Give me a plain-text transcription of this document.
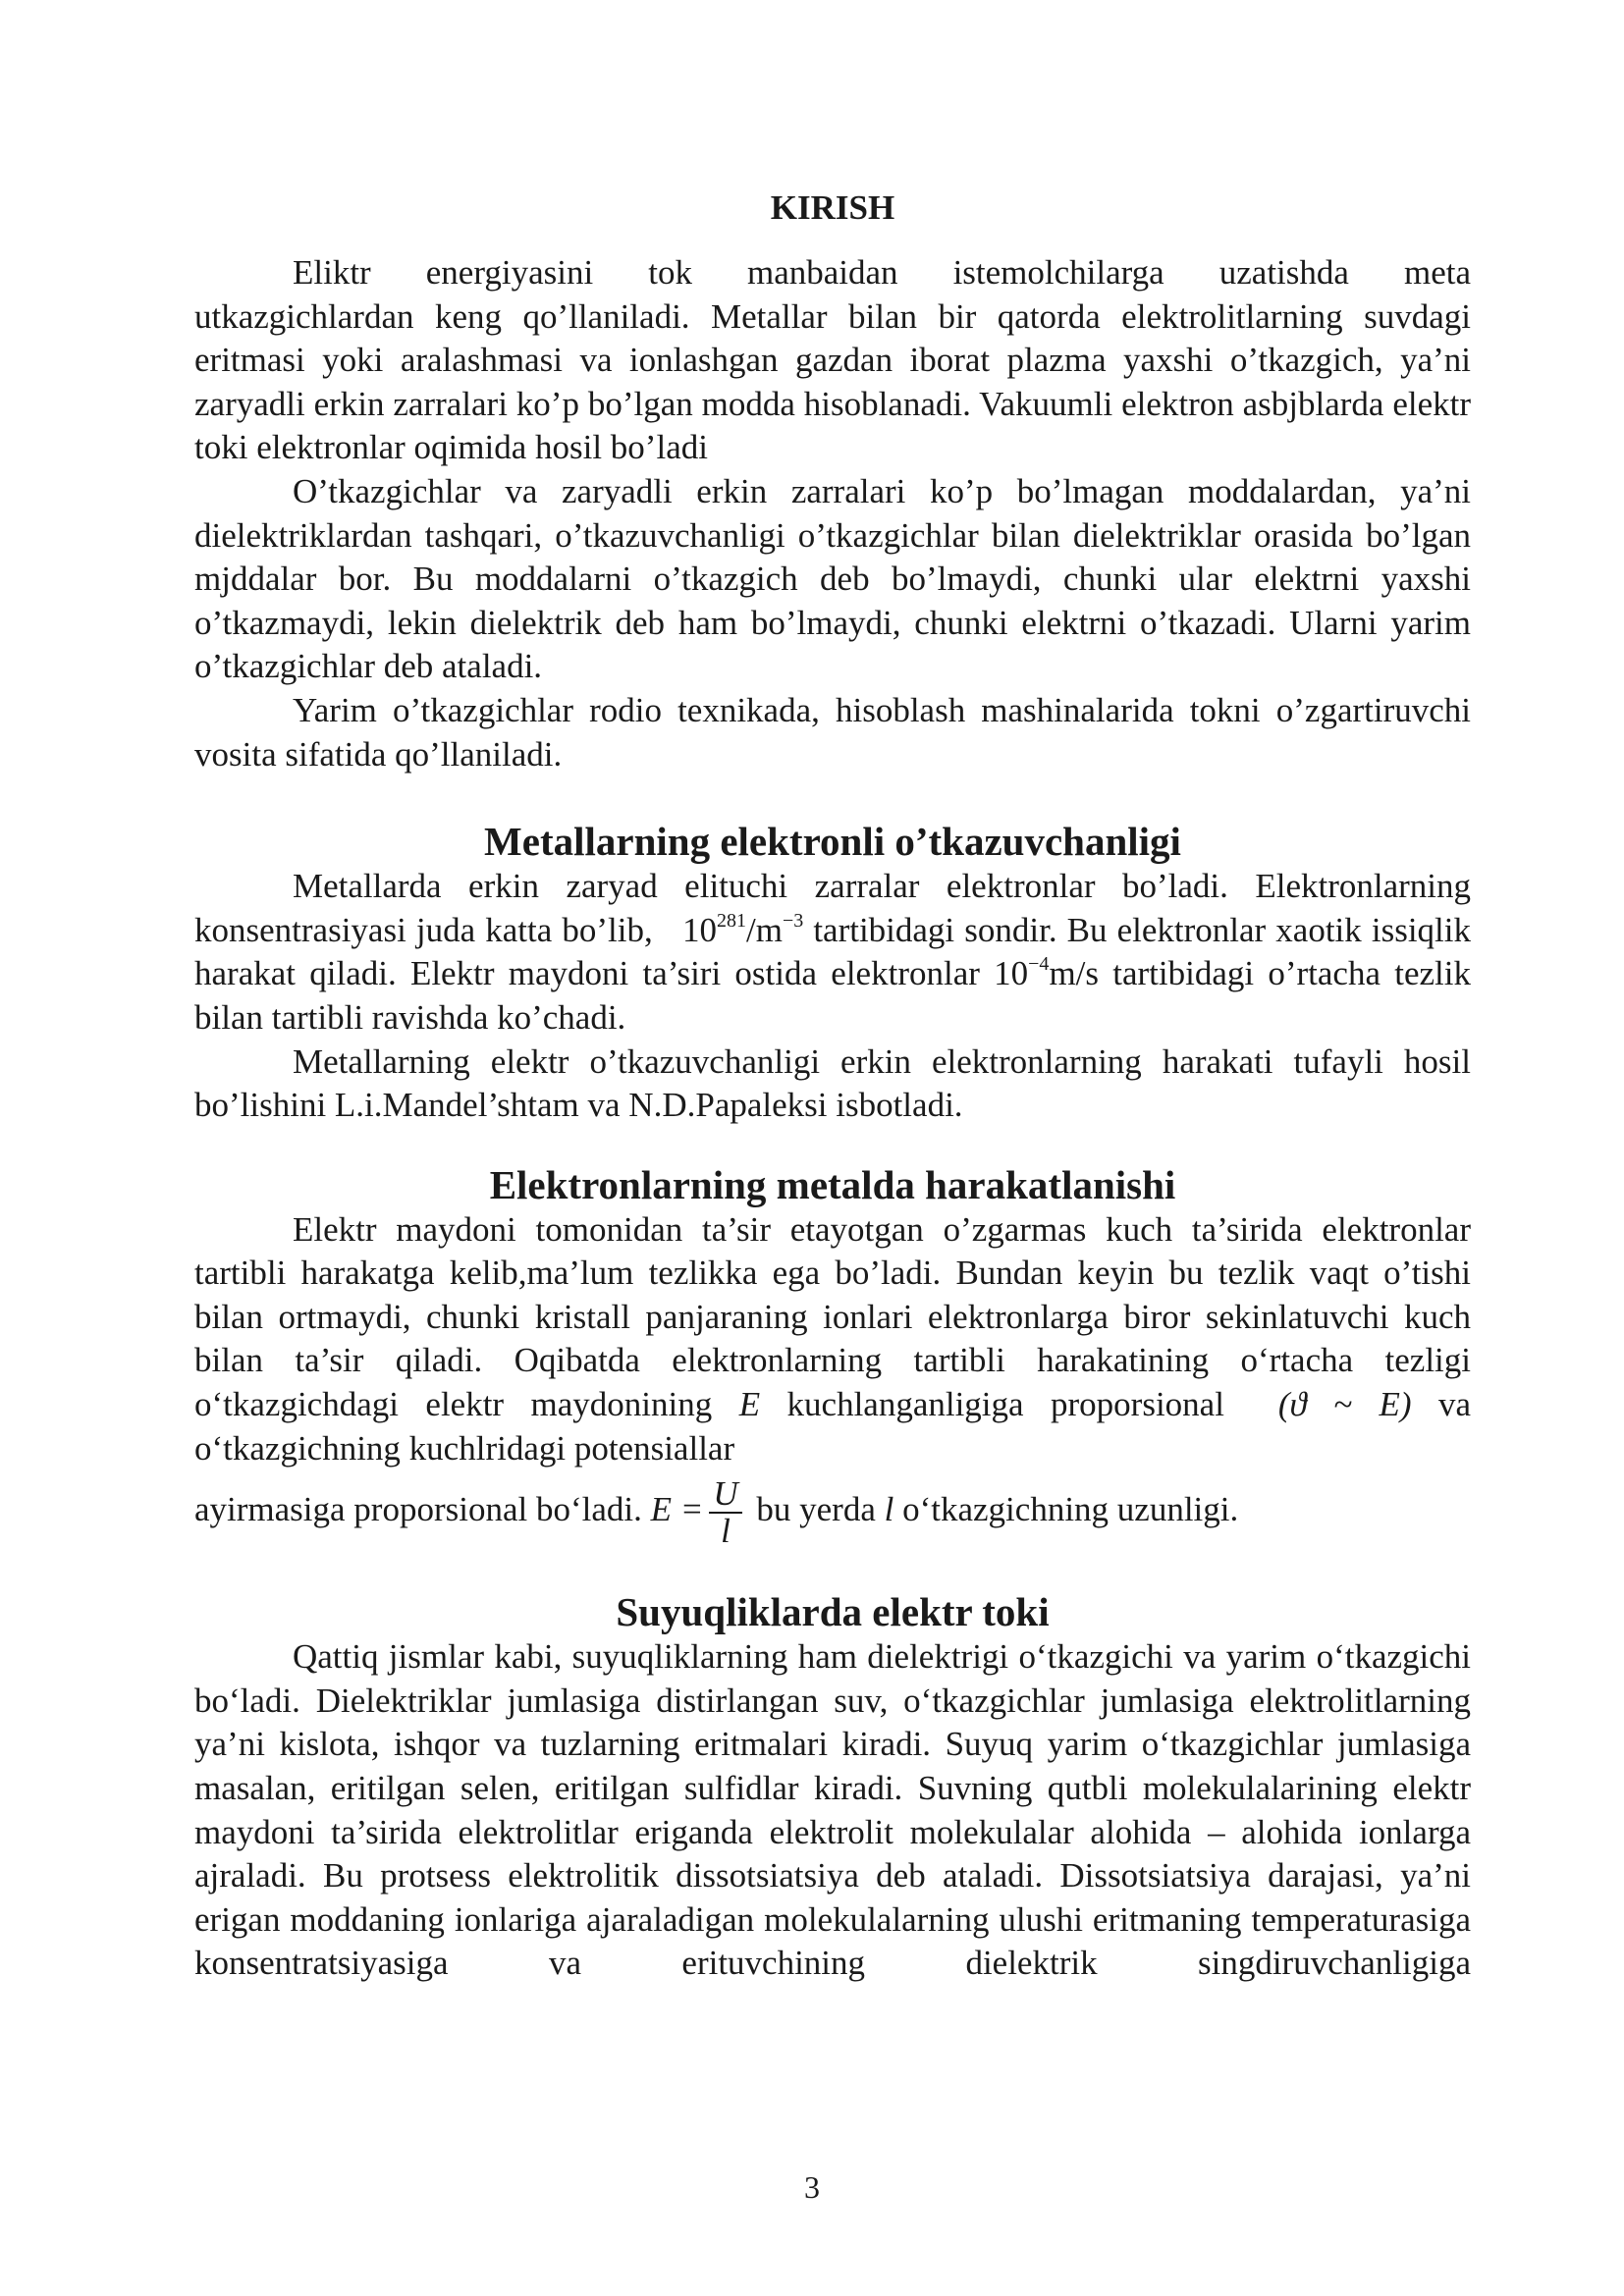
KIRISH

Eliktr energiyasini tok manbaidan istemolchilarga uzatishda meta

utkazgichlardan keng qo’llaniladi. Metallar bilan bir qatorda elektrolitlarning suvdagi eritmasi yoki aralashmasi va ionlashgan gazdan iborat plazma yaxshi o’tkazgich, ya’ni zaryadli erkin zarralari ko’p bo’lgan modda hisoblanadi. Vakuumli elektron asbjblarda elektr toki elektronlar oqimida hosil bo’ladi

O’tkazgichlar va zaryadli erkin zarralari ko’p bo’lmagan moddalardan, ya’ni dielektriklardan tashqari, o’tkazuvchanligi o’tkazgichlar bilan dielektriklar orasida bo’lgan mjddalar bor. Bu moddalarni o’tkazgich deb bo’lmaydi, chunki ular elektrni yaxshi o’tkazmaydi, lekin dielektrik deb ham bo’lmaydi, chunki elektrni o’tkazadi. Ularni yarim o’tkazgichlar deb ataladi.

Yarim o’tkazgichlar rodio texnikada, hisoblash mashinalarida tokni o’zgartiruvchi vosita sifatida qo’llaniladi.

Metallarning elektronli o’tkazuvchanligi

Metallarda erkin zaryad elituchi zarralar elektronlar bo’ladi. Elektronlarning konsentrasiyasi juda katta bo’lib, $10^{281}/m^{-3}$ tartibidagi sondir. Bu elektronlar xaotik issiqlik harakat qiladi. Elektr maydoni ta’siri ostida elektronlar $10^{-4}m/s$ tartibidagi o’rtacha tezlik bilan tartibli ravishda ko’chadi.

Metallarning elektr o’tkazuvchanligi erkin elektronlarning harakati tufayli hosil bo’lishini L.i.Mandel’shtam va N.D.Papaleksi isbotladi.

Elektronlarning metalda harakatlanishi

Elektr maydoni tomonidan ta’sir etayotgan o’zgarmas kuch ta’sirida elektronlar tartibli harakatga kelib,ma’lum tezlikka ega bo’ladi. Bundan keyin bu tezlik vaqt o’tishi bilan ortmaydi, chunki kristall panjaraning ionlari elektronlarga biror sekinlatuvchi kuch bilan ta’sir qiladi. Oqibatda elektronlarning tartibli harakatining o‘rtacha tezligi o‘tkazgichdagi elektr maydonining E kuchlanganligiga proporsional (ϑ ~ E) va o‘tkazgichning kuchlridagi potensiallar

ayirmasiga proporsional bo‘ladi. $E = \frac{U}{l}$ bu yerda l o‘tkazgichning uzunligi.

Suyuqliklarda elektr toki

Qattiq jismlar kabi, suyuqliklarning ham dielektrigi o‘tkazgichi va yarim o‘tkazgichi bo‘ladi. Dielektriklar jumlasiga distirlangan suv, o‘tkazgichlar jumlasiga elektrolitlarning ya’ni kislota, ishqor va tuzlarning eritmalari kiradi. Suyuq yarim o‘tkazgichlar jumlasiga masalan, eritilgan selen, eritilgan sulfidlar kiradi. Suvning qutbli molekulalarining elektr maydoni ta’sirida elektrolitlar eriganda elektrolit molekulalar alohida – alohida ionlarga ajraladi. Bu protsess elektrolitik dissotsiatsiya deb ataladi. Dissotsiatsiya darajasi, ya’ni erigan moddaning ionlariga ajaraladigan molekulalarning ulushi eritmaning temperaturasiga konsentratsiyasiga va erituvchining dielektrik singdiruvchanligiga

3
